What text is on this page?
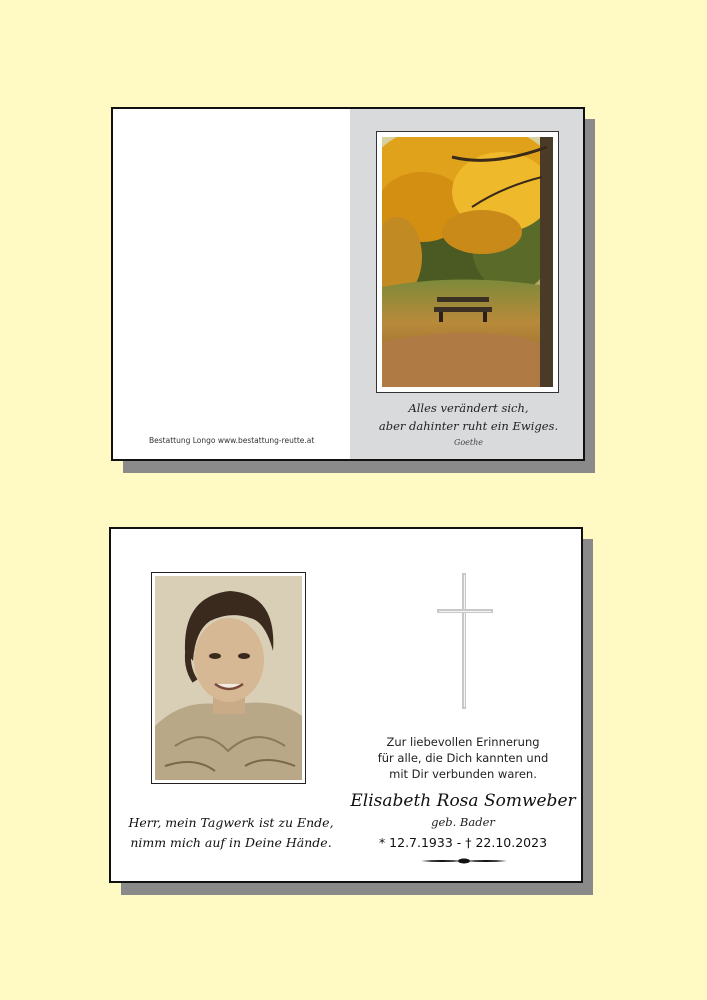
Bestattung Longo www.bestattung-reutte.at
Alles verändert sich,
aber dahinter ruht ein Ewiges.
Goethe
Herr, mein Tagwerk ist zu Ende,
nimm mich auf in Deine Hände.
Zur liebevollen Erinnerung
für alle, die Dich kannten und
mit Dir verbunden waren.
Elisabeth Rosa Somweber
geb. Bader
* 12.7.1933 - † 22.10.2023
